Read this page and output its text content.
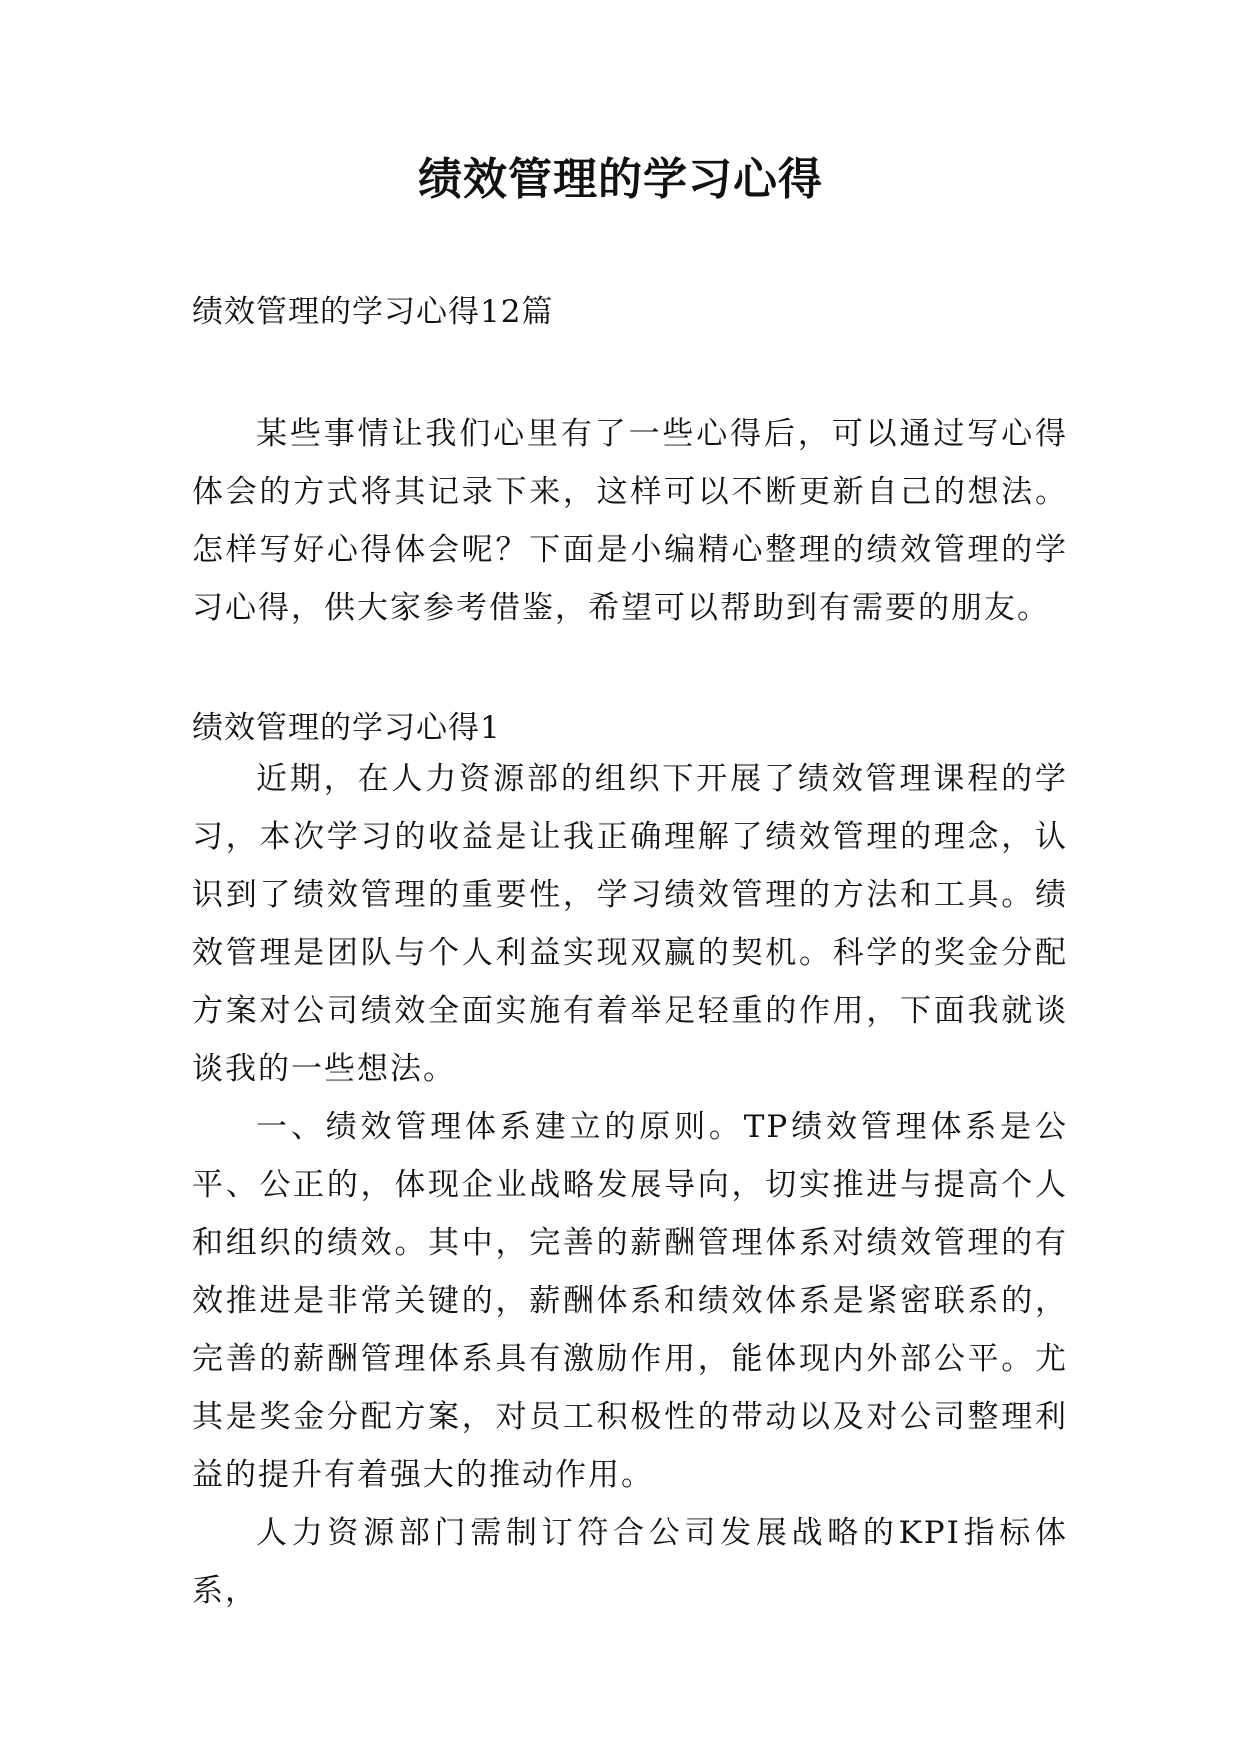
绩效管理的学习心得
绩效管理的学习心得12篇

某些事情让我们心里有了一些心得后，可以通过写心得体会的方式将其记录下来，这样可以不断更新自己的想法。怎样写好心得体会呢？下面是小编精心整理的绩效管理的学习心得，供大家参考借鉴，希望可以帮助到有需要的朋友。

绩效管理的学习心得1

近期，在人力资源部的组织下开展了绩效管理课程的学习，本次学习的收益是让我正确理解了绩效管理的理念，认识到了绩效管理的重要性，学习绩效管理的方法和工具。绩效管理是团队与个人利益实现双赢的契机。科学的奖金分配方案对公司绩效全面实施有着举足轻重的作用，下面我就谈谈我的一些想法。

一、绩效管理体系建立的原则。TP绩效管理体系是公平、公正的，体现企业战略发展导向，切实推进与提高个人和组织的绩效。其中，完善的薪酬管理体系对绩效管理的有效推进是非常关键的，薪酬体系和绩效体系是紧密联系的，完善的薪酬管理体系具有激励作用，能体现内外部公平。尤其是奖金分配方案，对员工积极性的带动以及对公司整理利益的提升有着强大的推动作用。

人力资源部门需制订符合公司发展战略的KPI指标体系，
